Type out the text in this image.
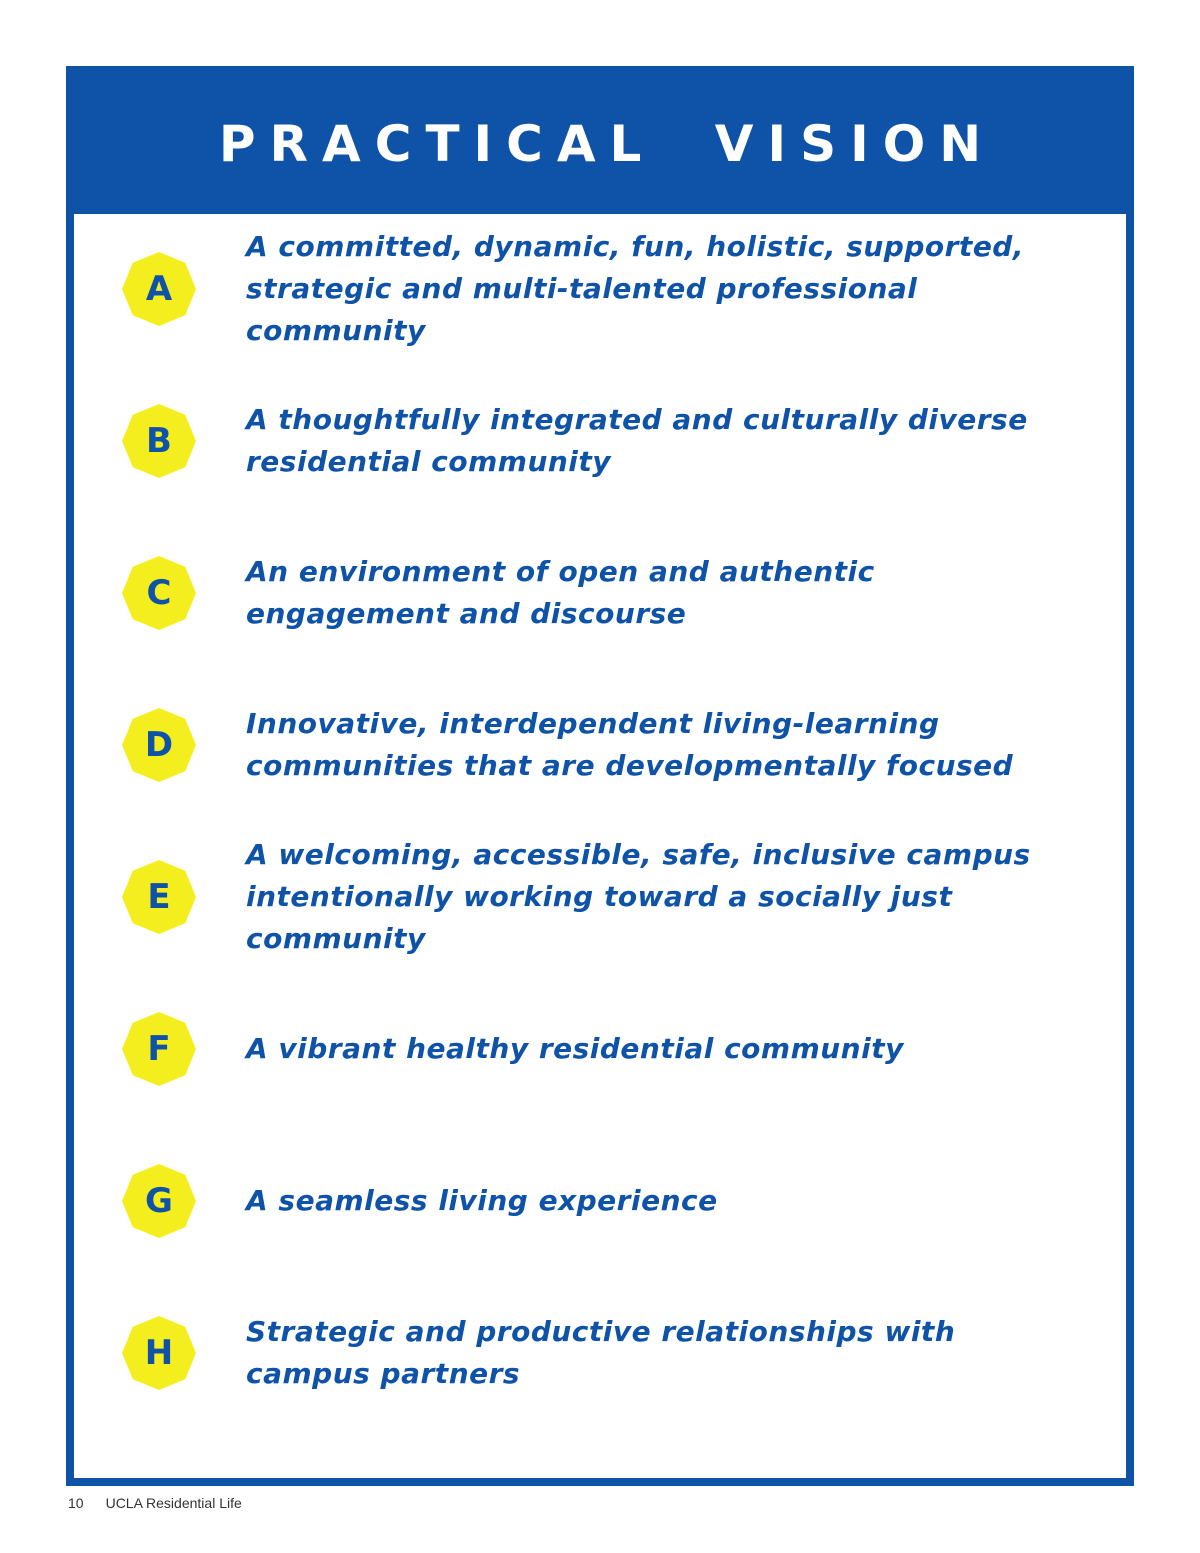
PRACTICAL VISION
A
A committed, dynamic, fun, holistic, supported, strategic and multi-talented professional community
B
A thoughtfully integrated and culturally diverse residential community
C
An environment of open and authentic engagement and discourse
D
Innovative, interdependent living-learning communities that are developmentally focused
E
A welcoming, accessible, safe, inclusive campus intentionally working toward a socially just community
F	A vibrant healthy residential community
G	A seamless living experience
H
Strategic and productive relationships with campus partners
10 UCLA Residential Life
